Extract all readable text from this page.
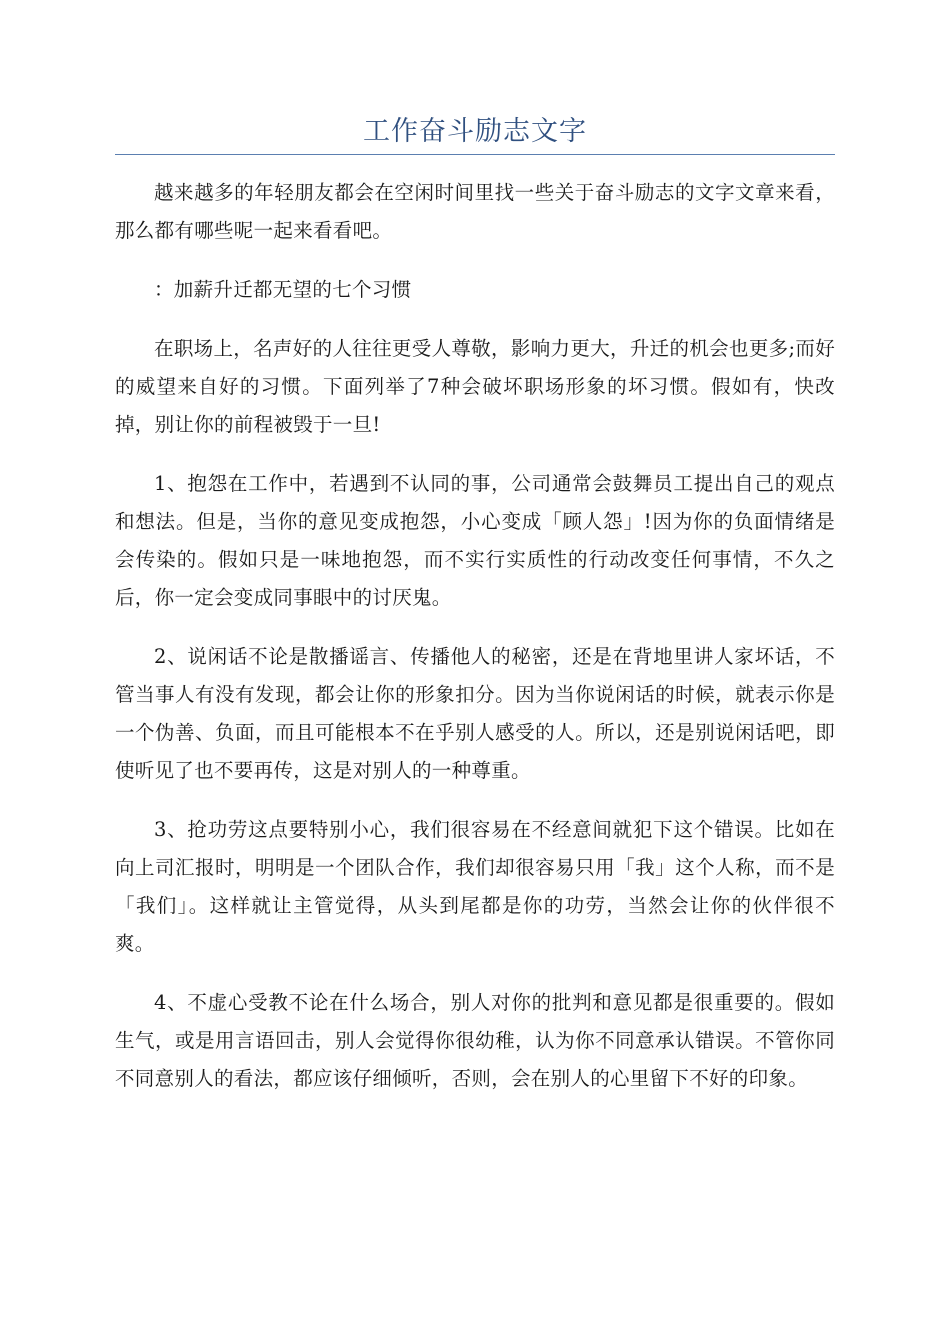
工作奋斗励志文字

越来越多的年轻朋友都会在空闲时间里找一些关于奋斗励志的文字文章来看，那么都有哪些呢一起来看看吧。

：加薪升迁都无望的七个习惯

在职场上，名声好的人往往更受人尊敬，影响力更大，升迁的机会也更多;而好的威望来自好的习惯。下面列举了7种会破坏职场形象的坏习惯。假如有，快改掉，别让你的前程被毁于一旦!

1、抱怨在工作中，若遇到不认同的事，公司通常会鼓舞员工提出自己的观点和想法。但是，当你的意见变成抱怨，小心变成「顾人怨」!因为你的负面情绪是会传染的。假如只是一味地抱怨，而不实行实质性的行动改变任何事情，不久之后，你一定会变成同事眼中的讨厌鬼。

2、说闲话不论是散播谣言、传播他人的秘密，还是在背地里讲人家坏话，不管当事人有没有发现，都会让你的形象扣分。因为当你说闲话的时候，就表示你是一个伪善、负面，而且可能根本不在乎别人感受的人。所以，还是别说闲话吧，即使听见了也不要再传，这是对别人的一种尊重。

3、抢功劳这点要特别小心，我们很容易在不经意间就犯下这个错误。比如在向上司汇报时，明明是一个团队合作，我们却很容易只用「我」这个人称，而不是「我们」。这样就让主管觉得，从头到尾都是你的功劳，当然会让你的伙伴很不爽。

4、不虚心受教不论在什么场合，别人对你的批判和意见都是很重要的。假如生气，或是用言语回击，别人会觉得你很幼稚，认为你不同意承认错误。不管你同不同意别人的看法，都应该仔细倾听，否则，会在别人的心里留下不好的印象。
